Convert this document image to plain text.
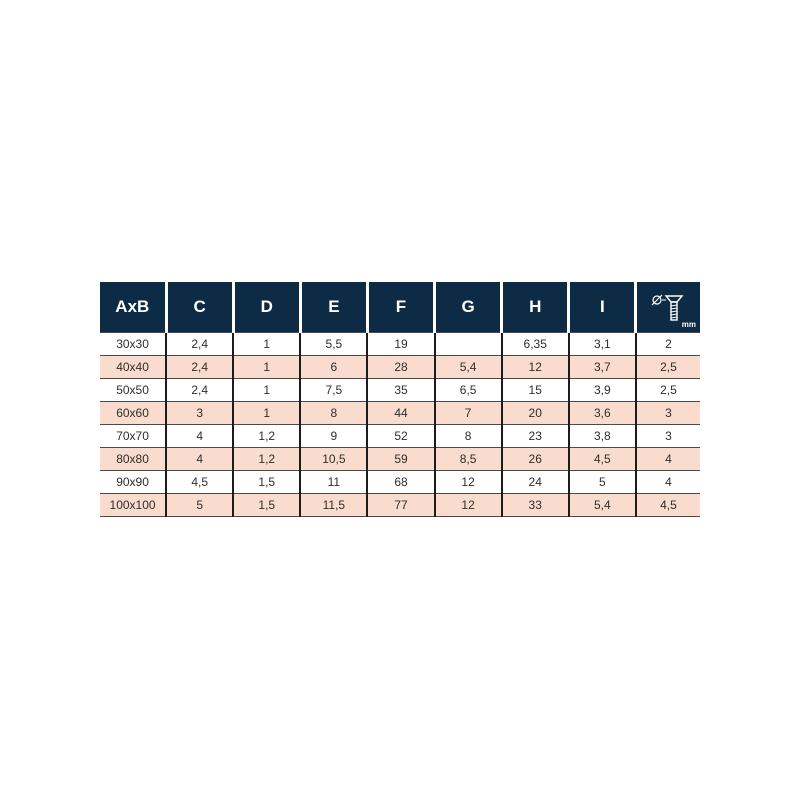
AxB	C	D	E	F	G	H	I	mm

30x30	2,4	1	5,5	19		6,35	3,1	2
40x40	2,4	1	6	28	5,4	12	3,7	2,5
50x50	2,4	1	7,5	35	6,5	15	3,9	2,5
60x60	3	1	8	44	7	20	3,6	3
70x70	4	1,2	9	52	8	23	3,8	3
80x80	4	1,2	10,5	59	8,5	26	4,5	4
90x90	4,5	1,5	11	68	12	24	5	4
100x100	5	1,5	11,5	77	12	33	5,4	4,5
